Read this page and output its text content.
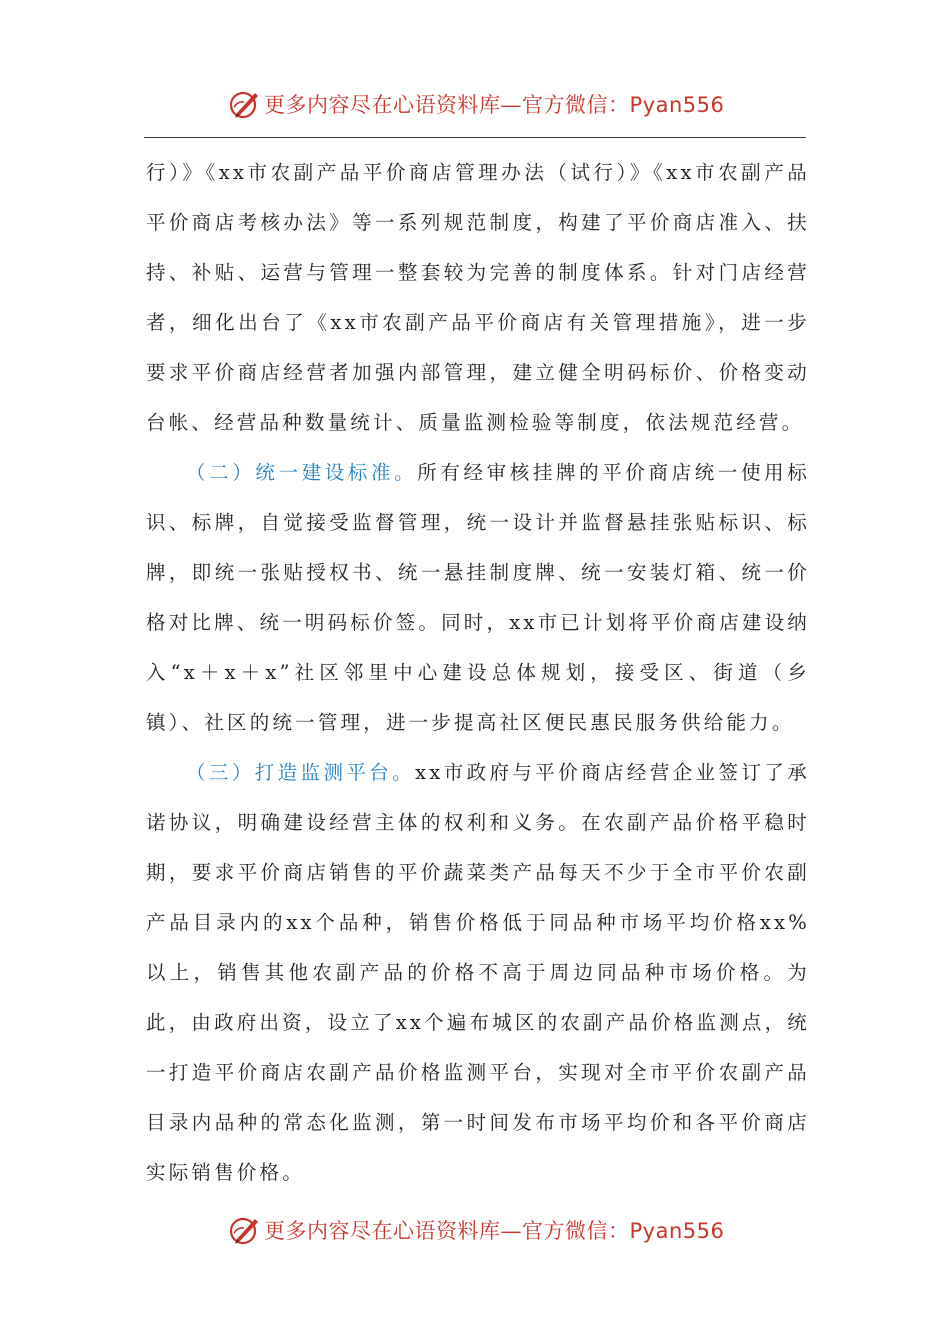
更多内容尽在心语资料库—官方微信：Pyan556

行）》《xx市农副产品平价商店管理办法（试行）》《xx市农副产品平价商店考核办法》等一系列规范制度，构建了平价商店准入、扶持、补贴、运营与管理一整套较为完善的制度体系。针对门店经营者，细化出台了《xx市农副产品平价商店有关管理措施》，进一步要求平价商店经营者加强内部管理，建立健全明码标价、价格变动台帐、经营品种数量统计、质量监测检验等制度，依法规范经营。

（二）统一建设标准。所有经审核挂牌的平价商店统一使用标识、标牌，自觉接受监督管理，统一设计并监督悬挂张贴标识、标牌，即统一张贴授权书、统一悬挂制度牌、统一安装灯箱、统一价格对比牌、统一明码标价签。同时，xx市已计划将平价商店建设纳入“x＋x＋x”社区邻里中心建设总体规划，接受区、街道（乡镇）、社区的统一管理，进一步提高社区便民惠民服务供给能力。

（三）打造监测平台。xx市政府与平价商店经营企业签订了承诺协议，明确建设经营主体的权利和义务。在农副产品价格平稳时期，要求平价商店销售的平价蔬菜类产品每天不少于全市平价农副产品目录内的xx个品种，销售价格低于同品种市场平均价格xx%以上，销售其他农副产品的价格不高于周边同品种市场价格。为此，由政府出资，设立了xx个遍布城区的农副产品价格监测点，统一打造平价商店农副产品价格监测平台，实现对全市平价农副产品目录内品种的常态化监测，第一时间发布市场平均价和各平价商店实际销售价格。

更多内容尽在心语资料库—官方微信：Pyan556
